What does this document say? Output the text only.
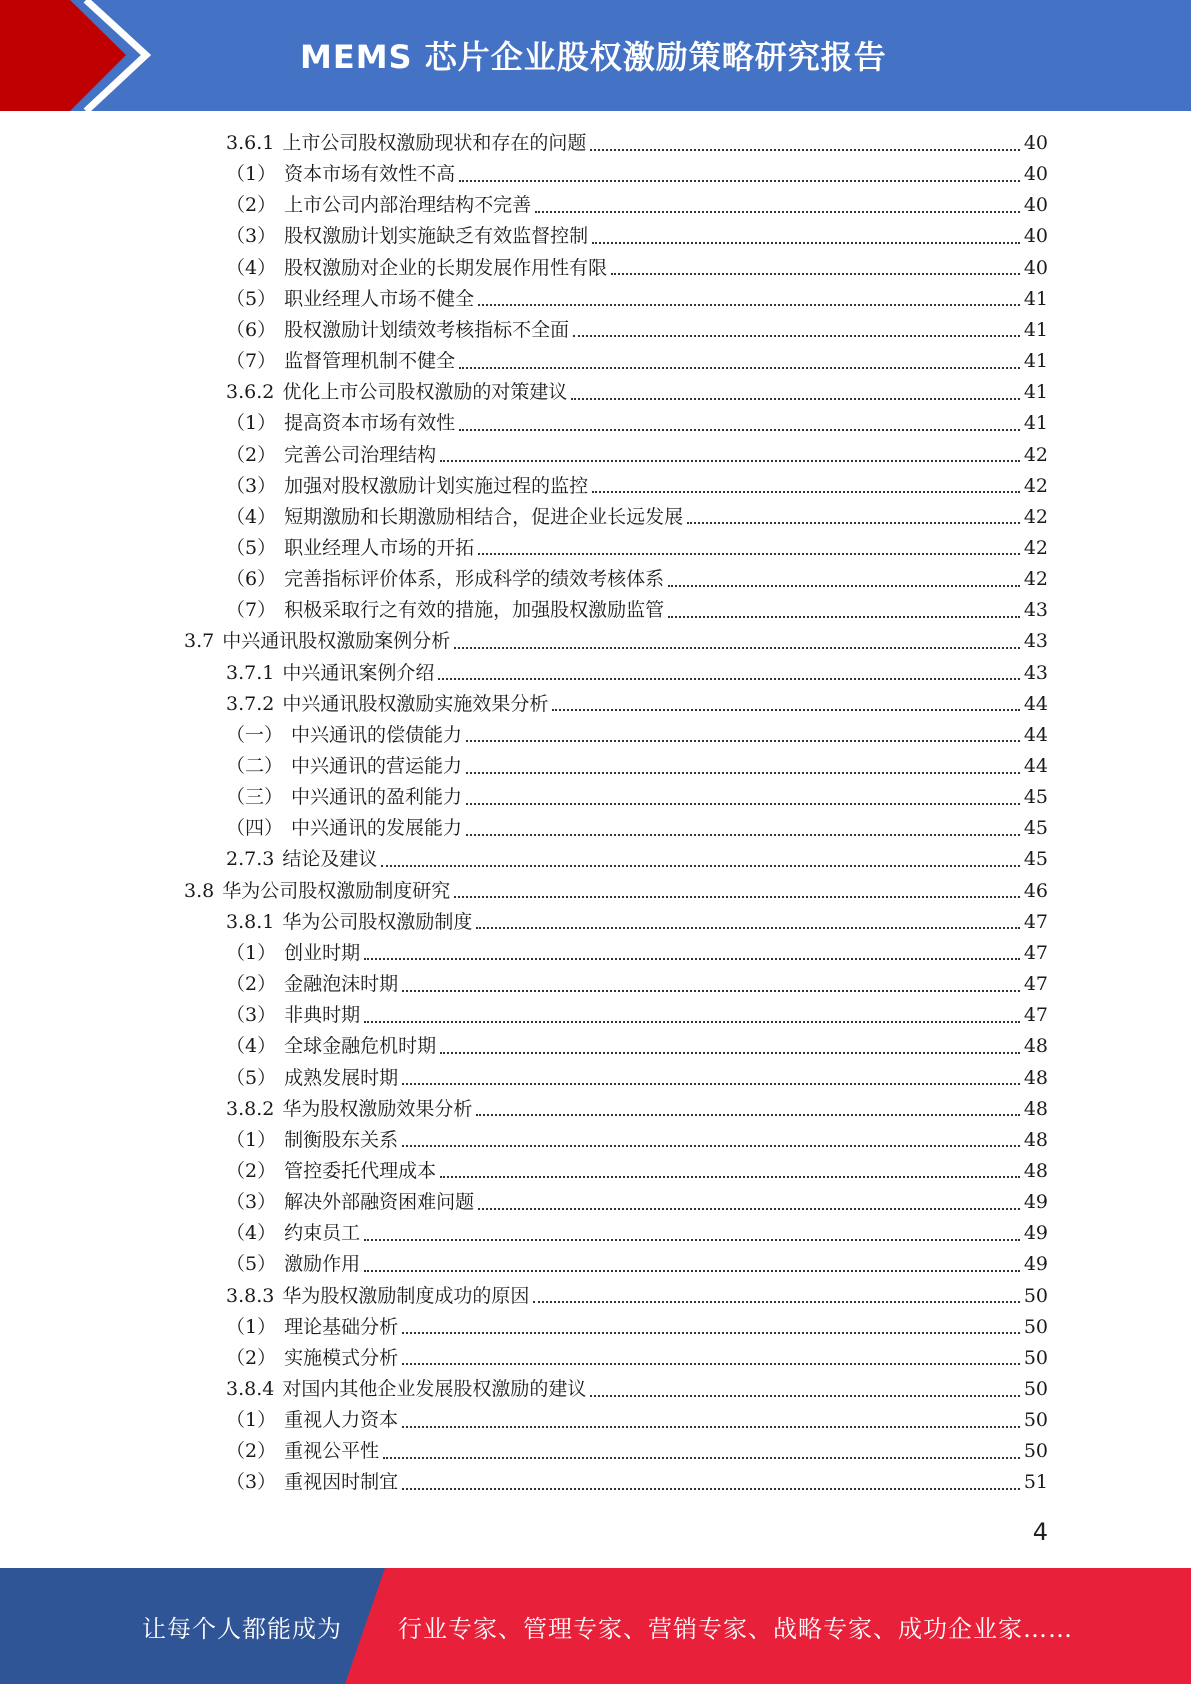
MEMS 芯片企业股权激励策略研究报告
3.6.1 上市公司股权激励现状和存在的问题	40
（1） 资本市场有效性不高	40
（2） 上市公司内部治理结构不完善	40
（3） 股权激励计划实施缺乏有效监督控制	40
（4） 股权激励对企业的长期发展作用性有限	40
（5） 职业经理人市场不健全	41
（6） 股权激励计划绩效考核指标不全面	41
（7） 监督管理机制不健全	41
3.6.2 优化上市公司股权激励的对策建议	41
（1） 提高资本市场有效性	41
（2） 完善公司治理结构	42
（3） 加强对股权激励计划实施过程的监控	42
（4） 短期激励和长期激励相结合，促进企业长远发展	42
（5） 职业经理人市场的开拓	42
（6） 完善指标评价体系，形成科学的绩效考核体系	42
（7） 积极采取行之有效的措施，加强股权激励监管	43
3.7 中兴通讯股权激励案例分析	43
3.7.1 中兴通讯案例介绍	43
3.7.2 中兴通讯股权激励实施效果分析	44
（一） 中兴通讯的偿债能力	44
（二） 中兴通讯的营运能力	44
（三） 中兴通讯的盈利能力	45
（四） 中兴通讯的发展能力	45
2.7.3 结论及建议	45
3.8 华为公司股权激励制度研究	46
3.8.1 华为公司股权激励制度	47
（1） 创业时期	47
（2） 金融泡沫时期	47
（3） 非典时期	47
（4） 全球金融危机时期	48
（5） 成熟发展时期	48
3.8.2 华为股权激励效果分析	48
（1） 制衡股东关系	48
（2） 管控委托代理成本	48
（3） 解决外部融资困难问题	49
（4） 约束员工	49
（5） 激励作用	49
3.8.3 华为股权激励制度成功的原因	50
（1） 理论基础分析	50
（2） 实施模式分析	50
3.8.4 对国内其他企业发展股权激励的建议	50
（1） 重视人力资本	50
（2） 重视公平性	50
（3） 重视因时制宜	51
4
让每个人都能成为 行业专家、管理专家、营销专家、战略专家、成功企业家……
